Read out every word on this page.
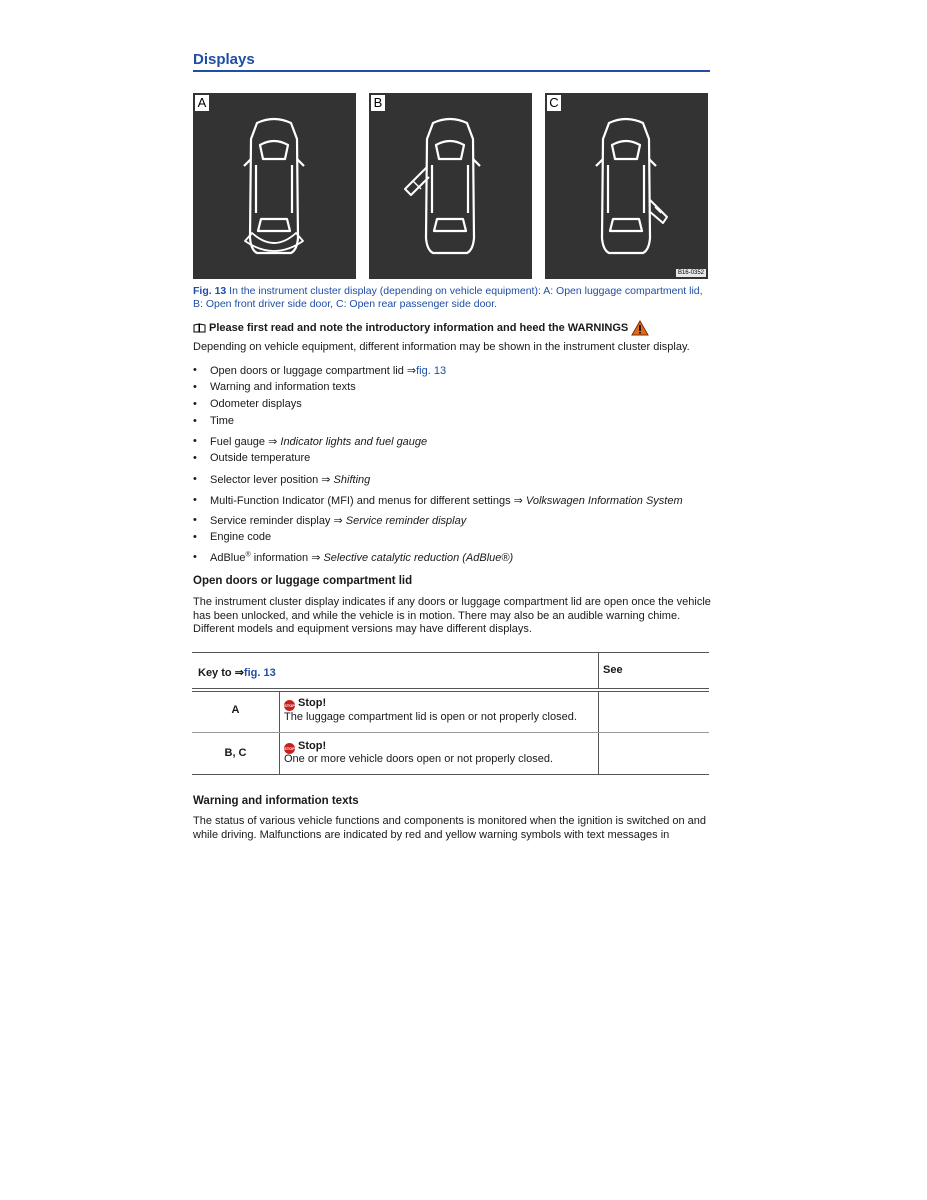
Displays
A	B	C
B16-0352
Fig. 13 In the instrument cluster display (depending on vehicle equipment): A: Open luggage compartment lid, B: Open front driver side door, C: Open rear passenger side door.
Please first read and note the introductory information and heed the WARNINGS
Depending on vehicle equipment, different information may be shown in the instrument cluster display.
• Open doors or luggage compartment lid ⇒fig. 13
• Warning and information texts
• Odometer displays
• Time
• Fuel gauge ⇒ Indicator lights and fuel gauge
• Outside temperature
• Selector lever position ⇒ Shifting
• Multi-Function Indicator (MFI) and menus for different settings ⇒ Volkswagen Information System
• Service reminder display ⇒ Service reminder display
• Engine code
• AdBlue® information ⇒ Selective catalytic reduction (AdBlue®)
Open doors or luggage compartment lid
The instrument cluster display indicates if any doors or luggage compartment lid are open once the vehicle has been unlocked, and while the vehicle is in motion. There may also be an audible warning chime. Different models and equipment versions may have different displays.
Key to ⇒fig. 13	See
A	STOP Stop!
The luggage compartment lid is open or not properly closed.
B, C	STOP Stop!
One or more vehicle doors open or not properly closed.
Warning and information texts
The status of various vehicle functions and components is monitored when the ignition is switched on and while driving. Malfunctions are indicated by red and yellow warning symbols with text messages in
